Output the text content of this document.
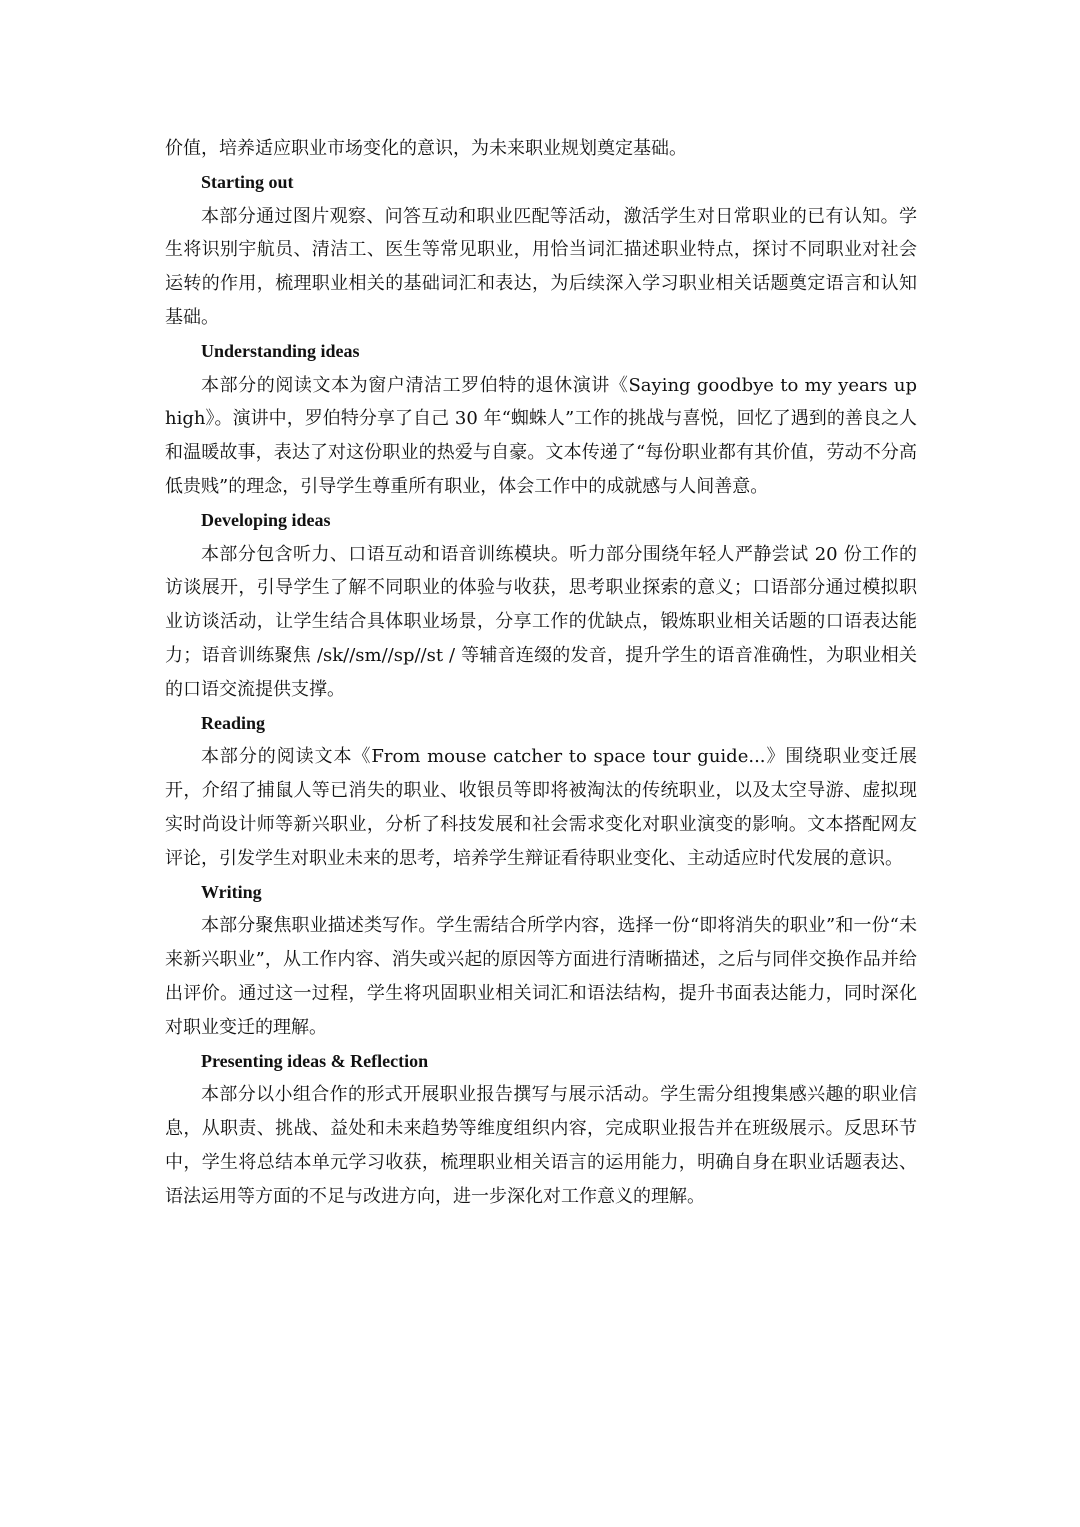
价值，培养适应职业市场变化的意识，为未来职业规划奠定基础。

Starting out

本部分通过图片观察、问答互动和职业匹配等活动，激活学生对日常职业的已有认知。学生将识别宇航员、清洁工、医生等常见职业，用恰当词汇描述职业特点，探讨不同职业对社会运转的作用，梳理职业相关的基础词汇和表达，为后续深入学习职业相关话题奠定语言和认知基础。

Understanding ideas

本部分的阅读文本为窗户清洁工罗伯特的退休演讲《Saying goodbye to my years up high》。演讲中，罗伯特分享了自己 30 年“蜘蛛人”工作的挑战与喜悦，回忆了遇到的善良之人和温暖故事，表达了对这份职业的热爱与自豪。文本传递了“每份职业都有其价值，劳动不分高低贵贱”的理念，引导学生尊重所有职业，体会工作中的成就感与人间善意。

Developing ideas

本部分包含听力、口语互动和语音训练模块。听力部分围绕年轻人严静尝试 20 份工作的访谈展开，引导学生了解不同职业的体验与收获，思考职业探索的意义；口语部分通过模拟职业访谈活动，让学生结合具体职业场景，分享工作的优缺点，锻炼职业相关话题的口语表达能力；语音训练聚焦 /sk//sm//sp//st / 等辅音连缀的发音，提升学生的语音准确性，为职业相关的口语交流提供支撑。

Reading

本部分的阅读文本《From mouse catcher to space tour guide...》围绕职业变迁展开，介绍了捕鼠人等已消失的职业、收银员等即将被淘汰的传统职业，以及太空导游、虚拟现实时尚设计师等新兴职业，分析了科技发展和社会需求变化对职业演变的影响。文本搭配网友评论，引发学生对职业未来的思考，培养学生辩证看待职业变化、主动适应时代发展的意识。

Writing

本部分聚焦职业描述类写作。学生需结合所学内容，选择一份“即将消失的职业”和一份“未来新兴职业”，从工作内容、消失或兴起的原因等方面进行清晰描述，之后与同伴交换作品并给出评价。通过这一过程，学生将巩固职业相关词汇和语法结构，提升书面表达能力，同时深化对职业变迁的理解。

Presenting ideas & Reflection

本部分以小组合作的形式开展职业报告撰写与展示活动。学生需分组搜集感兴趣的职业信息，从职责、挑战、益处和未来趋势等维度组织内容，完成职业报告并在班级展示。反思环节中，学生将总结本单元学习收获，梳理职业相关语言的运用能力，明确自身在职业话题表达、语法运用等方面的不足与改进方向，进一步深化对工作意义的理解。
